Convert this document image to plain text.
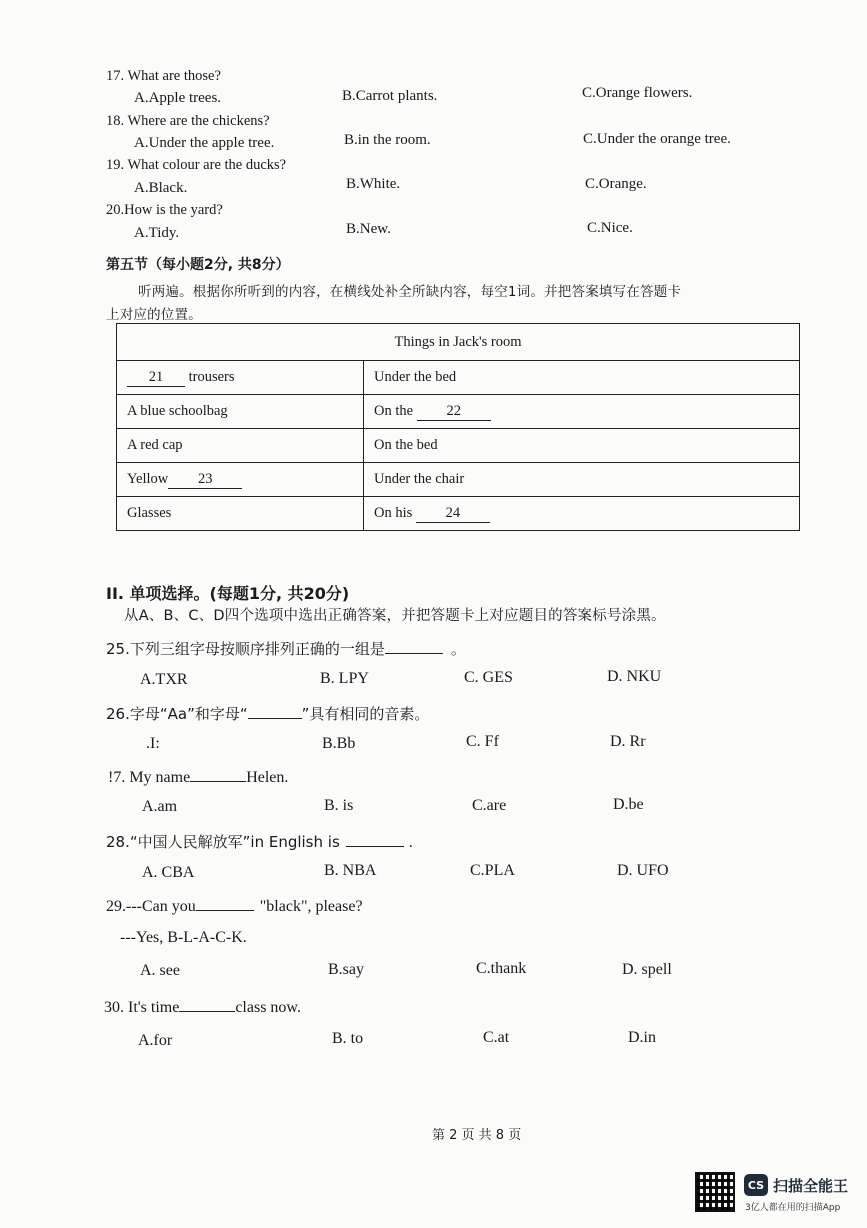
17. What are those?
A.Apple trees.	B.Carrot plants.	C.Orange flowers.
18. Where are the chickens?
A.Under the apple tree.	B.in the room.	C.Under the orange tree.
19. What colour are the ducks?
A.Black.	B.White.	C.Orange.
20.How is the yard?
A.Tidy.	B.New.	C.Nice.
第五节（每小题2分, 共8分）
听两遍。根据你所听到的内容，在横线处补全所缺内容，每空1词。并把答案填写在答题卡
上对应的位置。
Things in Jack's room	
21 trousers	Under the bed
A blue schoolbag	On the 22
A red cap	On the bed
Yellow 23	Under the chair
Glasses	On his 24
II. 单项选择。(每题1分, 共20分)
从A、B、C、D四个选项中选出正确答案，并把答题卡上对应题目的答案标号涂黑。
25.下列三组字母按顺序排列正确的一组是	。
A.TXR	B. LPY	C. GES	D. NKU
26.字母“Aa”和字母“	”具有相同的音素。
.I:	B.Bb	C. Ff	D. Rr
!7. My name	Helen.
A.am	B. is	C.are	D.be
28.“中国人民解放军”in English is	.
A. CBA	B. NBA	C.PLA	D. UFO
29.---Can you	"black", please?
---Yes, B-L-A-C-K.
A. see	B.say	C.thank	D. spell
30. It's time	class now.
A.for	B. to	C.at	D.in
第 2 页 共 8 页
CS 扫描全能王
3亿人都在用的扫描App
